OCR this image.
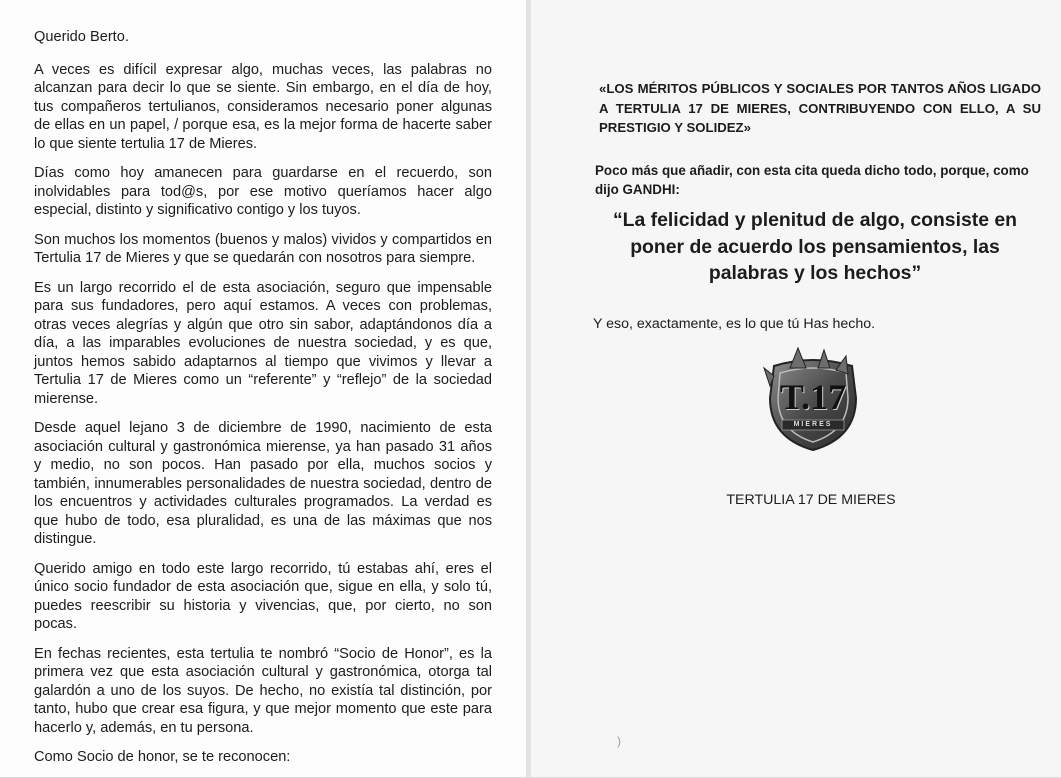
Querido Berto.

A veces es difícil expresar algo, muchas veces, las palabras no alcanzan para decir lo que se siente. Sin embargo, en el día de hoy, tus compañeros tertulianos, consideramos necesario poner algunas de ellas en un papel, / porque esa, es la mejor forma de hacerte saber lo que siente tertulia 17 de Mieres.

Días como hoy amanecen para guardarse en el recuerdo, son inolvidables para tod@s, por ese motivo queríamos hacer algo especial, distinto y significativo contigo y los tuyos.

Son muchos los momentos (buenos y malos) vividos y compartidos en Tertulia 17 de Mieres y que se quedarán con nosotros para siempre.

Es un largo recorrido el de esta asociación, seguro que impensable para sus fundadores, pero aquí estamos. A veces con problemas, otras veces alegrías y algún que otro sin sabor, adaptándonos día a día, a las imparables evoluciones de nuestra sociedad, y es que, juntos hemos sabido adaptarnos al tiempo que vivimos y llevar a Tertulia 17 de Mieres como un “referente” y “reflejo” de la sociedad mierense.

Desde aquel lejano 3 de diciembre de 1990, nacimiento de esta asociación cultural y gastronómica mierense, ya han pasado 31 años y medio, no son pocos. Han pasado por ella, muchos socios y también, innumerables personalidades de nuestra sociedad, dentro de los encuentros y actividades culturales programados. La verdad es que hubo de todo, esa pluralidad, es una de las máximas que nos distingue.

Querido amigo en todo este largo recorrido, tú estabas ahí, eres el único socio fundador de esta asociación que, sigue en ella, y solo tú, puedes reescribir su historia y vivencias, que, por cierto, no son pocas.

En fechas recientes, esta tertulia te nombró “Socio de Honor”, es la primera vez que esta asociación cultural y gastronómica, otorga tal galardón a uno de los suyos. De hecho, no existía tal distinción, por tanto, hubo que crear esa figura, y que mejor momento que este para hacerlo y, además, en tu persona.

Como Socio de honor, se te reconocen:

«LOS MÉRITOS PÚBLICOS Y SOCIALES POR TANTOS AÑOS LIGADO A TERTULIA 17 DE MIERES, CONTRIBUYENDO CON ELLO, A SU PRESTIGIO Y SOLIDEZ»

Poco más que añadir, con esta cita queda dicho todo, porque, como dijo GANDHI:

“La felicidad y plenitud de algo, consiste en poner de acuerdo los pensamientos, las palabras y los hechos”

Y eso, exactamente, es lo que tú Has hecho.

T.17
MIERES

TERTULIA 17 DE MIERES

)
